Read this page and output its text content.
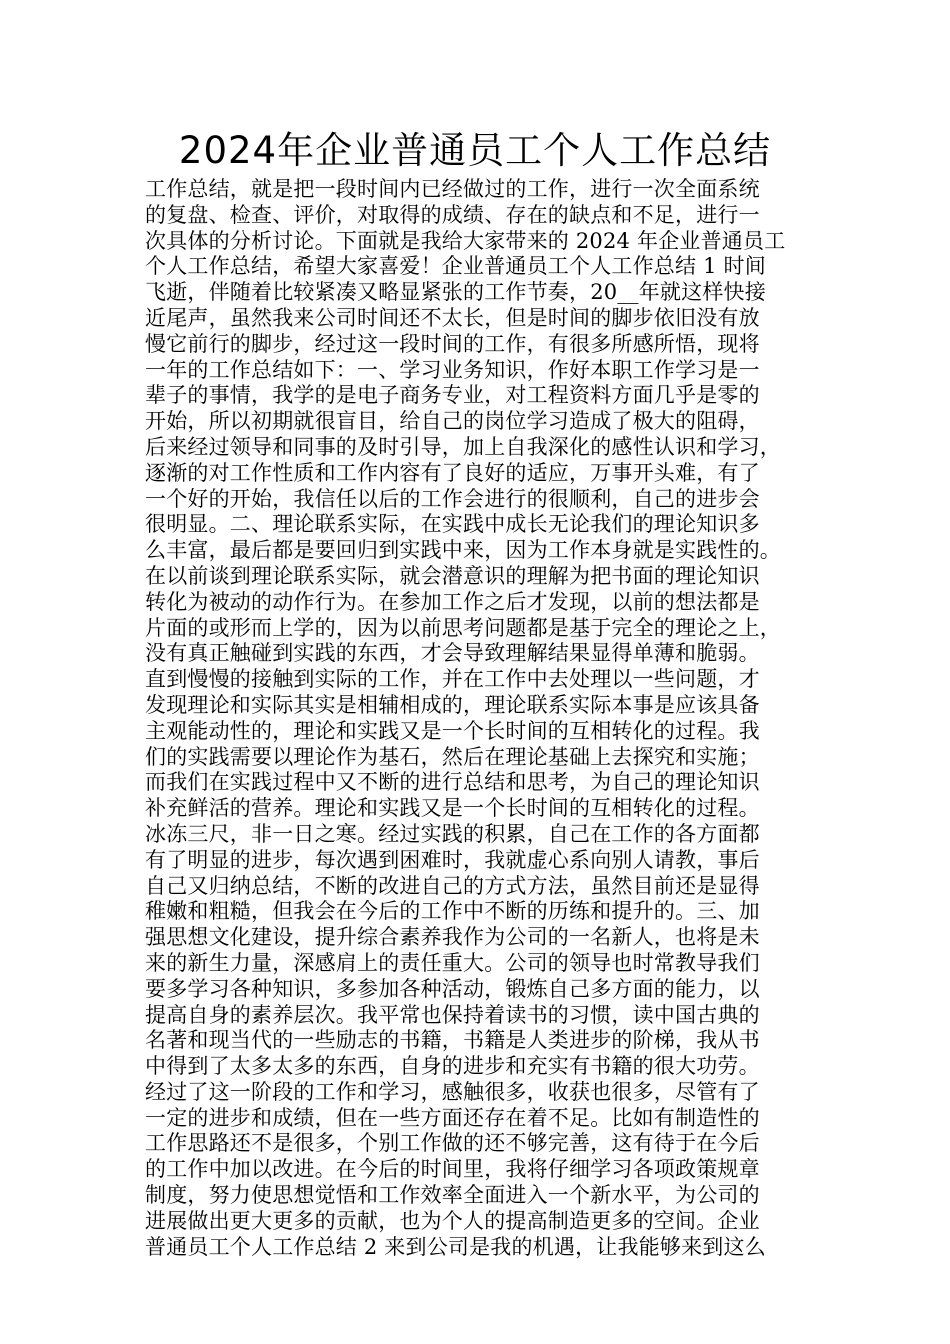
2024年企业普通员工个人工作总结
工作总结，就是把一段时间内已经做过的工作，进行一次全面系统
的复盘、检查、评价，对取得的成绩、存在的缺点和不足，进行一
次具体的分析讨论。下面就是我给大家带来的 2024 年企业普通员工
个人工作总结，希望大家喜爱！企业普通员工个人工作总结 1 时间
飞逝，伴随着比较紧凑又略显紧张的工作节奏，20__年就这样快接
近尾声，虽然我来公司时间还不太长，但是时间的脚步依旧没有放
慢它前行的脚步，经过这一段时间的工作，有很多所感所悟，现将
一年的工作总结如下：一、学习业务知识，作好本职工作学习是一
辈子的事情，我学的是电子商务专业，对工程资料方面几乎是零的
开始，所以初期就很盲目，给自己的岗位学习造成了极大的阻碍，
后来经过领导和同事的及时引导，加上自我深化的感性认识和学习，
逐渐的对工作性质和工作内容有了良好的适应，万事开头难，有了
一个好的开始，我信任以后的工作会进行的很顺利，自己的进步会
很明显。二、理论联系实际，在实践中成长无论我们的理论知识多
么丰富，最后都是要回归到实践中来，因为工作本身就是实践性的。
在以前谈到理论联系实际，就会潜意识的理解为把书面的理论知识
转化为被动的动作行为。在参加工作之后才发现，以前的想法都是
片面的或形而上学的，因为以前思考问题都是基于完全的理论之上，
没有真正触碰到实践的东西，才会导致理解结果显得单薄和脆弱。
直到慢慢的接触到实际的工作，并在工作中去处理以一些问题，才
发现理论和实际其实是相辅相成的，理论联系实际本事是应该具备
主观能动性的，理论和实践又是一个长时间的互相转化的过程。我
们的实践需要以理论作为基石，然后在理论基础上去探究和实施；
而我们在实践过程中又不断的进行总结和思考，为自己的理论知识
补充鲜活的营养。理论和实践又是一个长时间的互相转化的过程。
冰冻三尺，非一日之寒。经过实践的积累，自己在工作的各方面都
有了明显的进步，每次遇到困难时，我就虚心系向别人请教，事后
自己又归纳总结，不断的改进自己的方式方法，虽然目前还是显得
稚嫩和粗糙，但我会在今后的工作中不断的历练和提升的。三、加
强思想文化建设，提升综合素养我作为公司的一名新人，也将是未
来的新生力量，深感肩上的责任重大。公司的领导也时常教导我们
要多学习各种知识，多参加各种活动，锻炼自己多方面的能力，以
提高自身的素养层次。我平常也保持着读书的习惯，读中国古典的
名著和现当代的一些励志的书籍，书籍是人类进步的阶梯，我从书
中得到了太多太多的东西，自身的进步和充实有书籍的很大功劳。
经过了这一阶段的工作和学习，感触很多，收获也很多，尽管有了
一定的进步和成绩，但在一些方面还存在着不足。比如有制造性的
工作思路还不是很多，个别工作做的还不够完善，这有待于在今后
的工作中加以改进。在今后的时间里，我将仔细学习各项政策规章
制度，努力使思想觉悟和工作效率全面进入一个新水平，为公司的
进展做出更大更多的贡献，也为个人的提高制造更多的空间。企业
普通员工个人工作总结 2 来到公司是我的机遇，让我能够来到这么
